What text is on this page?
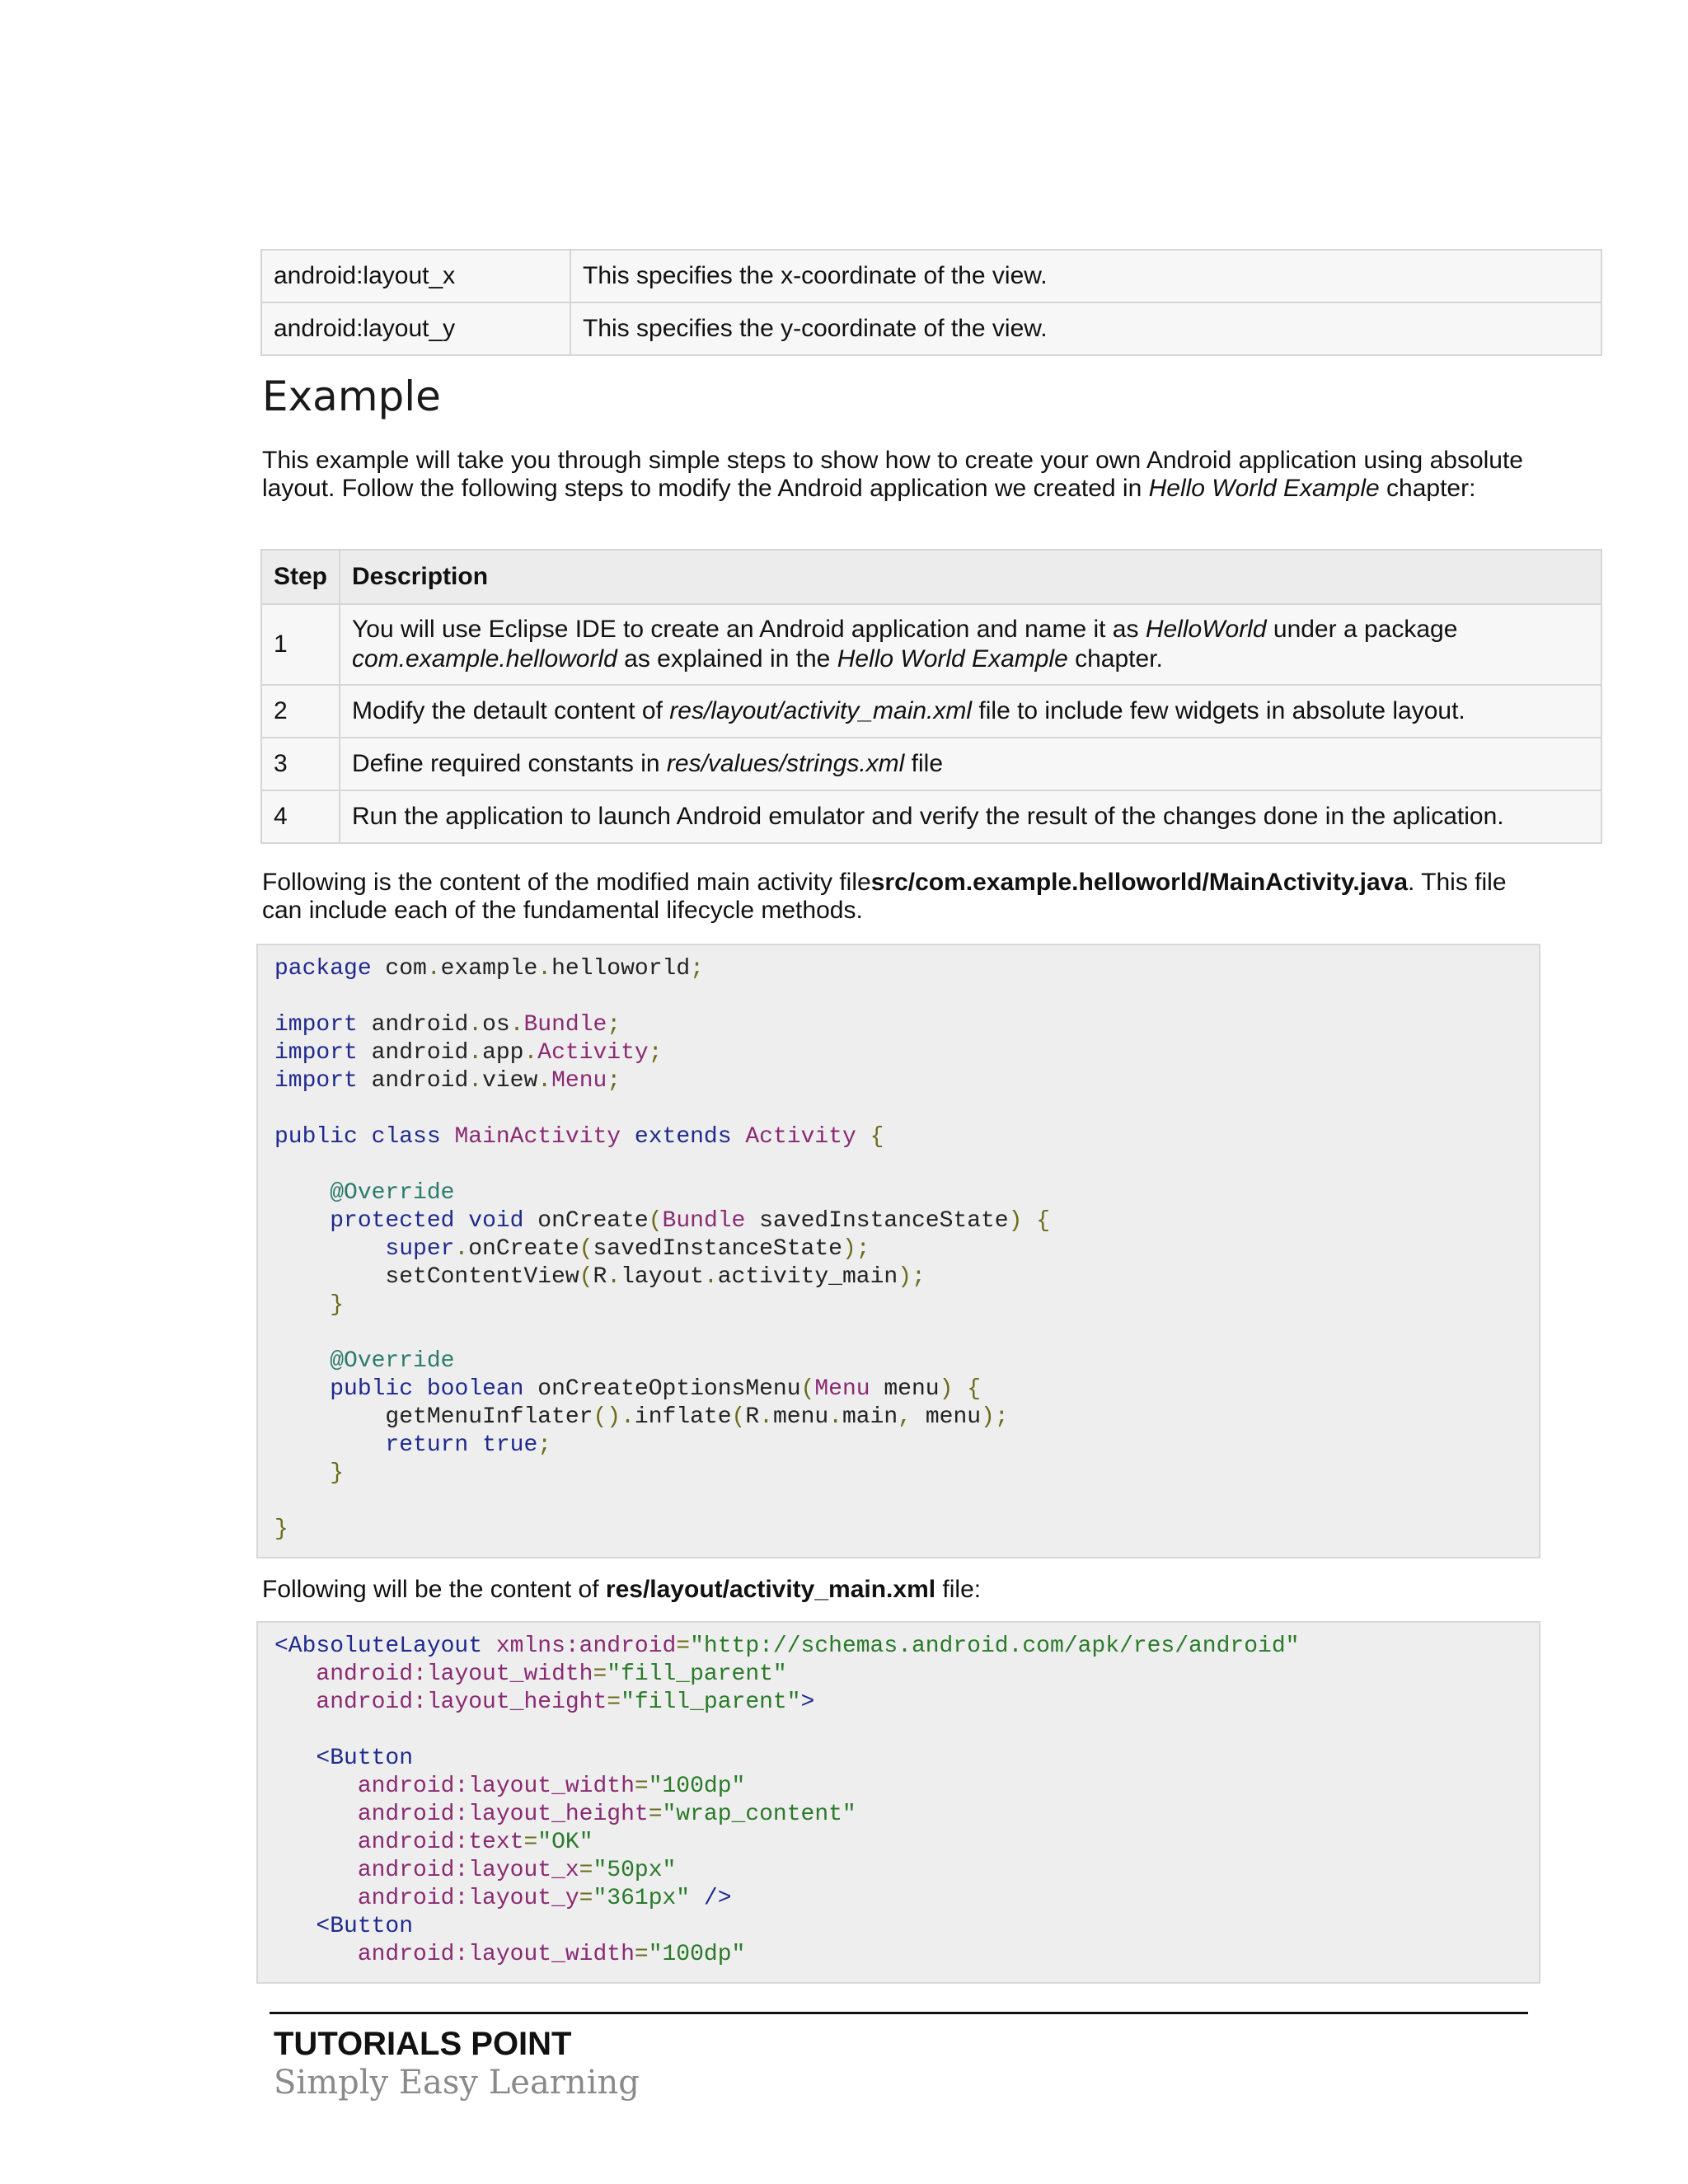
android:layout_x	This specifies the x-coordinate of the view.
android:layout_y	This specifies the y-coordinate of the view.
Example
This example will take you through simple steps to show how to create your own Android application using absolute layout. Follow the following steps to modify the Android application we created in Hello World Example chapter:
Step	Description
1	You will use Eclipse IDE to create an Android application and name it as HelloWorld under a package
com.example.helloworld as explained in the Hello World Example chapter.
2	Modify the detault content of res/layout/activity_main.xml file to include few widgets in absolute layout.
3	Define required constants in res/values/strings.xml file
4	Run the application to launch Android emulator and verify the result of the changes done in the aplication.
Following is the content of the modified main activity filesrc/com.example.helloworld/MainActivity.java. This file can include each of the fundamental lifecycle methods.
package com.example.helloworld;
import android.os.Bundle;
import android.app.Activity;
import android.view.Menu;
public class MainActivity extends Activity {
@Override
protected void onCreate(Bundle savedInstanceState) {
super.onCreate(savedInstanceState);
setContentView(R.layout.activity_main);
}
@Override
public boolean onCreateOptionsMenu(Menu menu) {
getMenuInflater().inflate(R.menu.main, menu);
return true;
}
}
Following will be the content of res/layout/activity_main.xml file:
<AbsoluteLayout xmlns:android="http://schemas.android.com/apk/res/android"
android:layout_width="fill_parent"
android:layout_height="fill_parent">
<Button
android:layout_width="100dp"
android:layout_height="wrap_content"
android:text="OK"
android:layout_x="50px"
android:layout_y="361px" />
<Button
android:layout_width="100dp"
TUTORIALS POINT
Simply Easy Learning
